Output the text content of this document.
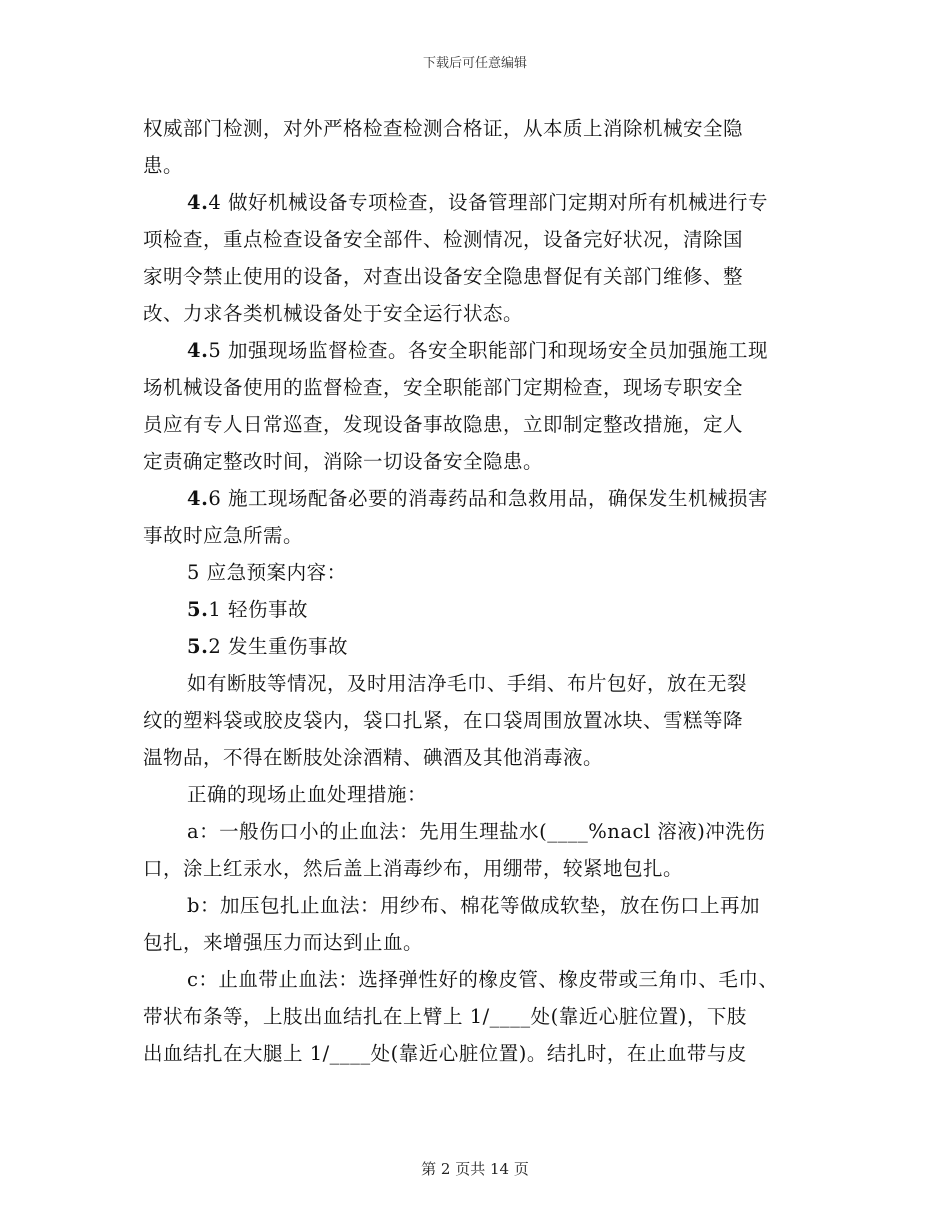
下载后可任意编辑
权威部门检测，对外严格检查检测合格证，从本质上消除机械安全隐
患。
4.4 做好机械设备专项检查，设备管理部门定期对所有机械进行专
项检查，重点检查设备安全部件、检测情况，设备完好状况，清除国
家明令禁止使用的设备，对查出设备安全隐患督促有关部门维修、整
改、力求各类机械设备处于安全运行状态。
4.5 加强现场监督检查。各安全职能部门和现场安全员加强施工现
场机械设备使用的监督检查，安全职能部门定期检查，现场专职安全
员应有专人日常巡查，发现设备事故隐患，立即制定整改措施，定人
定责确定整改时间，消除一切设备安全隐患。
4.6 施工现场配备必要的消毒药品和急救用品，确保发生机械损害
事故时应急所需。
5 应急预案内容：
5.1 轻伤事故
5.2 发生重伤事故
如有断肢等情况，及时用洁净毛巾、手绢、布片包好，放在无裂
纹的塑料袋或胶皮袋内，袋口扎紧，在口袋周围放置冰块、雪糕等降
温物品，不得在断肢处涂酒精、碘酒及其他消毒液。
正确的现场止血处理措施：
a：一般伤口小的止血法：先用生理盐水(____%nacl 溶液)冲洗伤
口，涂上红汞水，然后盖上消毒纱布，用绷带，较紧地包扎。
b：加压包扎止血法：用纱布、棉花等做成软垫，放在伤口上再加
包扎，来增强压力而达到止血。
c：止血带止血法：选择弹性好的橡皮管、橡皮带或三角巾、毛巾、
带状布条等，上肢出血结扎在上臂上 1/____处(靠近心脏位置)，下肢
出血结扎在大腿上 1/____处(靠近心脏位置)。结扎时，在止血带与皮
第 2 页共 14 页
